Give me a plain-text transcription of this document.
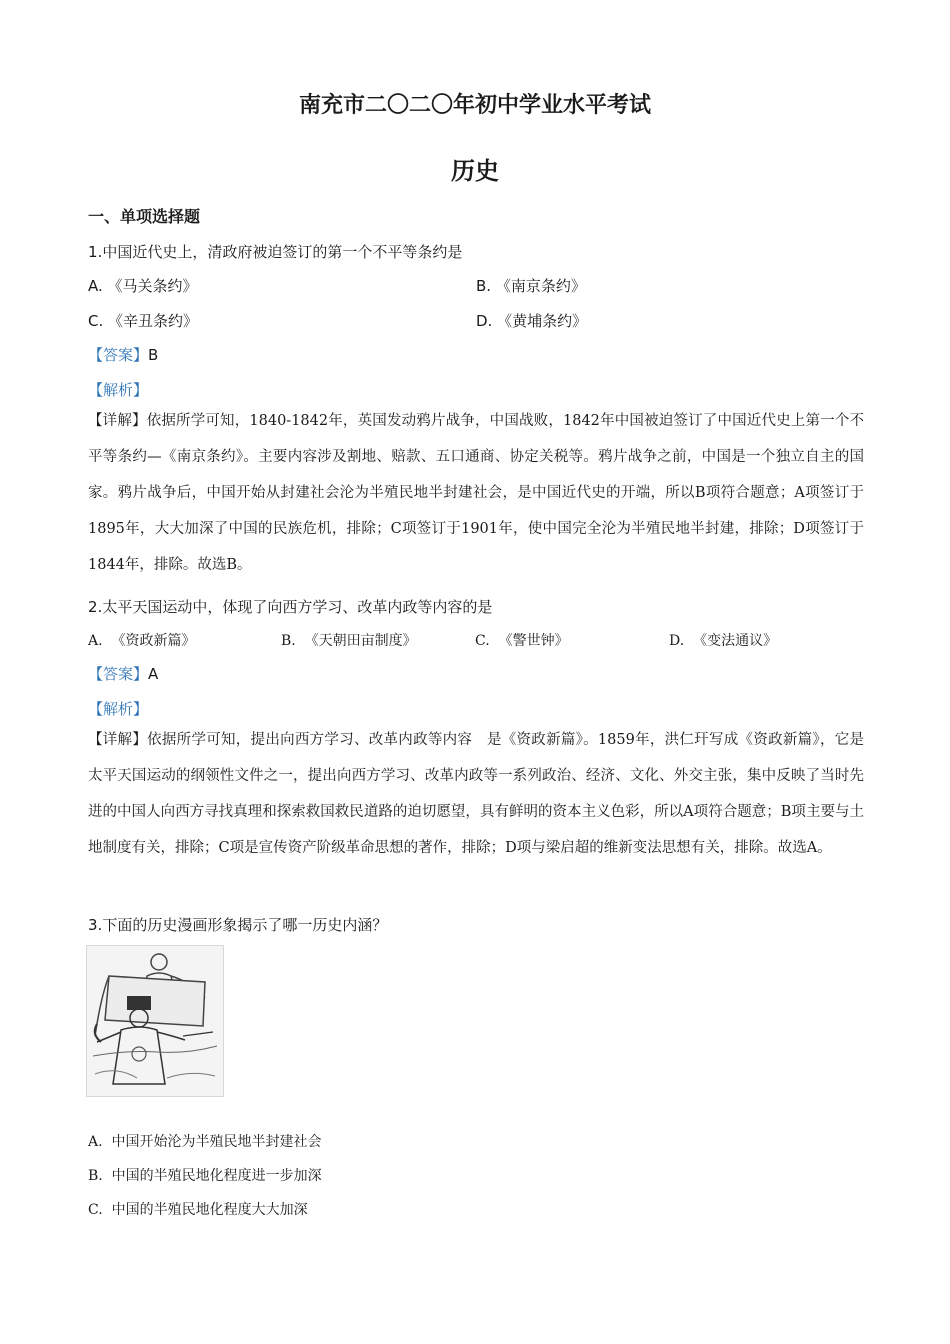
南充市二〇二〇年初中学业水平考试
历史
一、单项选择题
1.中国近代史上，清政府被迫签订的第一个不平等条约是
A. 《马关条约》	B. 《南京条约》
C. 《辛丑条约》	D. 《黄埔条约》
【答案】B
【解析】
【详解】依据所学可知，1840-1842年，英国发动鸦片战争，中国战败，1842年中国被迫签订了中国近代史上第一个不平等条约—《南京条约》。主要内容涉及割地、赔款、五口通商、协定关税等。鸦片战争之前，中国是一个独立自主的国家。鸦片战争后，中国开始从封建社会沦为半殖民地半封建社会，是中国近代史的开端，所以B项符合题意；A项签订于1895年，大大加深了中国的民族危机，排除；C项签订于1901年，使中国完全沦为半殖民地半封建，排除；D项签订于1844年，排除。故选B。
2.太平天国运动中，体现了向西方学习、改革内政等内容的是
A. 《资政新篇》	B. 《天朝田亩制度》	C. 《警世钟》	D. 《变法通议》
【答案】A
【解析】
【详解】依据所学可知，提出向西方学习、改革内政等内容　是《资政新篇》。1859年，洪仁玕写成《资政新篇》，它是太平天国运动的纲领性文件之一，提出向西方学习、改革内政等一系列政治、经济、文化、外交主张，集中反映了当时先进的中国人向西方寻找真理和探索救国救民道路的迫切愿望，具有鲜明的资本主义色彩，所以A项符合题意；B项主要与土地制度有关，排除；C项是宣传资产阶级革命思想的著作，排除；D项与梁启超的维新变法思想有关，排除。故选A。
3.下面的历史漫画形象揭示了哪一历史内涵？
A. 中国开始沦为半殖民地半封建社会
B. 中国的半殖民地化程度进一步加深
C. 中国的半殖民地化程度大大加深
